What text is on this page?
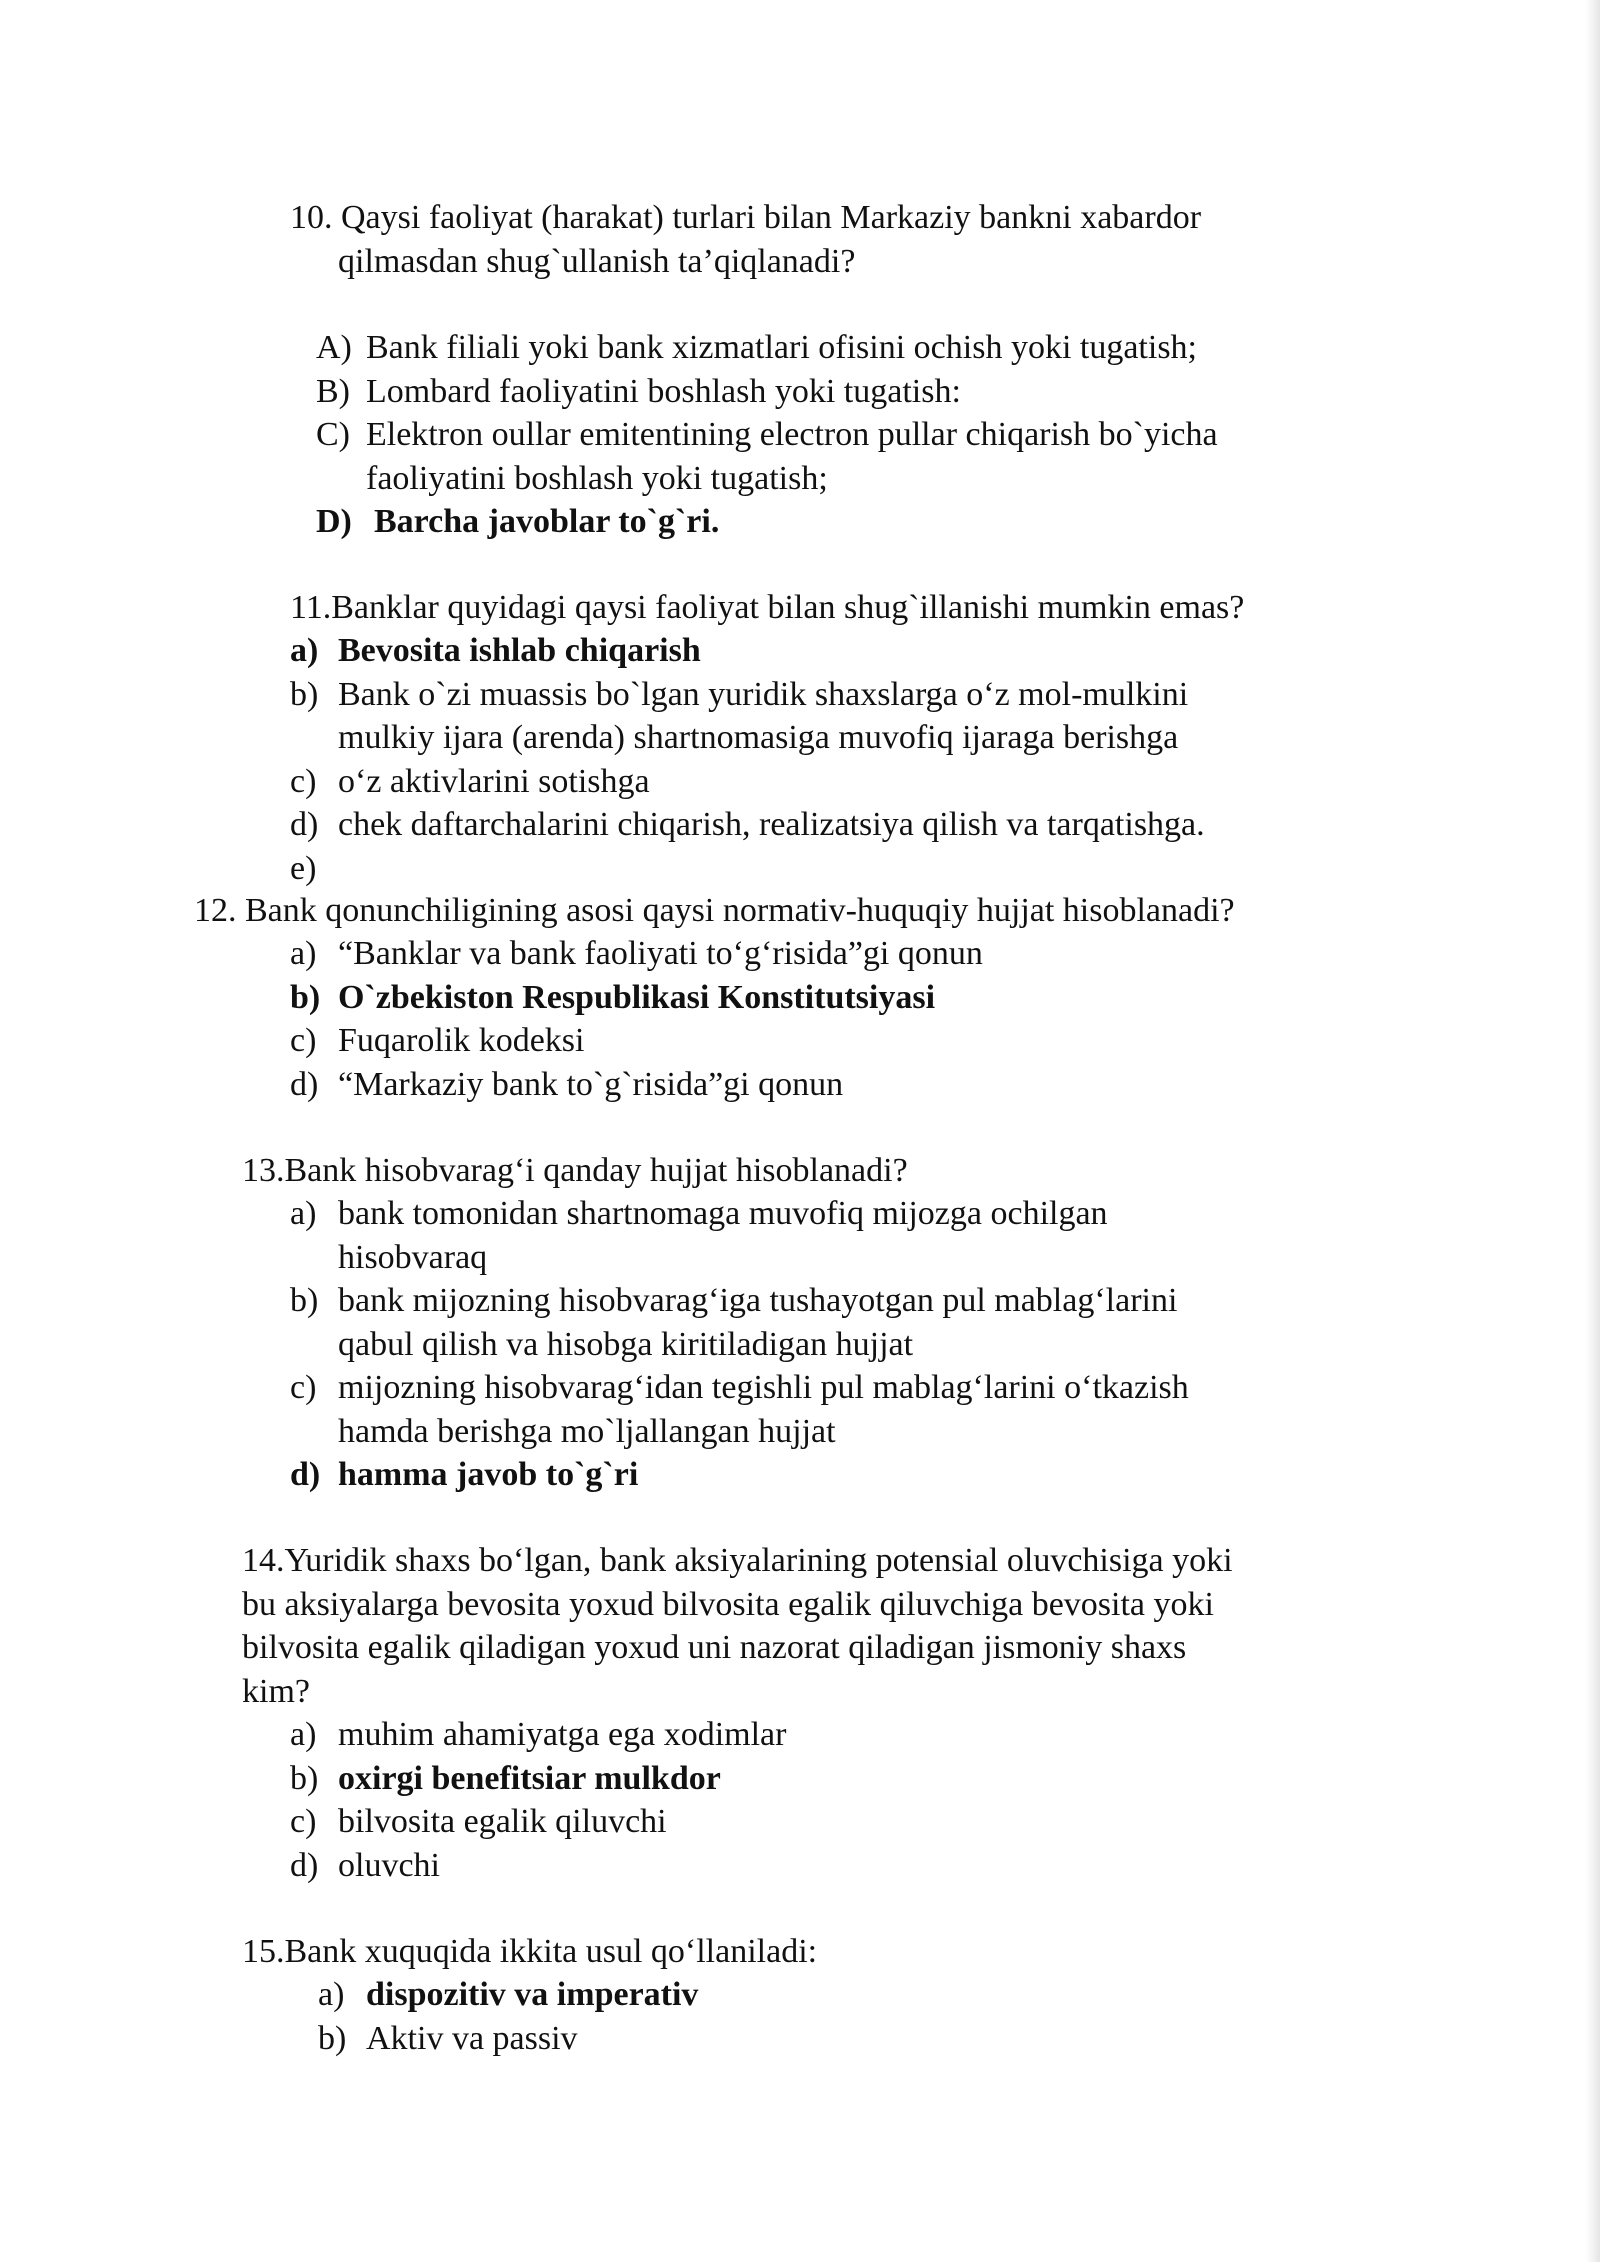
10. Qaysi faoliyat (harakat) turlari bilan Markaziy bankni xabardor
qilmasdan shug`ullanish ta’qiqlanadi?
A) Bank filiali yoki bank xizmatlari ofisini ochish yoki tugatish;
B) Lombard faoliyatini boshlash yoki tugatish:
C) Elektron oullar emitentining electron pullar chiqarish bo`yicha
faoliyatini boshlash yoki tugatish;
D) Barcha javoblar to`g`ri.
11.Banklar quyidagi qaysi faoliyat bilan shug`illanishi mumkin emas?
a) Bevosita ishlab chiqarish
b) Bank o`zi muassis bo`lgan yuridik shaxslarga o‘z mol-mulkini
mulkiy ijara (arenda) shartnomasiga muvofiq ijaraga berishga
c) o‘z aktivlarini sotishga
d) chek daftarchalarini chiqarish, realizatsiya qilish va tarqatishga.
e)
12. Bank qonunchiligining asosi qaysi normativ-huquqiy hujjat hisoblanadi?
a) “Banklar va bank faoliyati to‘g‘risida”gi qonun
b) O`zbekiston Respublikasi Konstitutsiyasi
c) Fuqarolik kodeksi
d) “Markaziy bank to`g`risida”gi qonun
13.Bank hisobvarag‘i qanday hujjat hisoblanadi?
a) bank tomonidan shartnomaga muvofiq mijozga ochilgan
hisobvaraq
b) bank mijozning hisobvarag‘iga tushayotgan pul mablag‘larini
qabul qilish va hisobga kiritiladigan hujjat
c) mijozning hisobvarag‘idan tegishli pul mablag‘larini o‘tkazish
hamda berishga mo`ljallangan hujjat
d) hamma javob to`g`ri
14.Yuridik shaxs bo‘lgan, bank aksiyalarining potensial oluvchisiga yoki
bu aksiyalarga bevosita yoxud bilvosita egalik qiluvchiga bevosita yoki
bilvosita egalik qiladigan yoxud uni nazorat qiladigan jismoniy shaxs
kim?
a) muhim ahamiyatga ega xodimlar
b) oxirgi benefitsiar mulkdor
c) bilvosita egalik qiluvchi
d) oluvchi
15.Bank xuquqida ikkita usul qo‘llaniladi:
a) dispozitiv va imperativ
b) Aktiv va passiv
